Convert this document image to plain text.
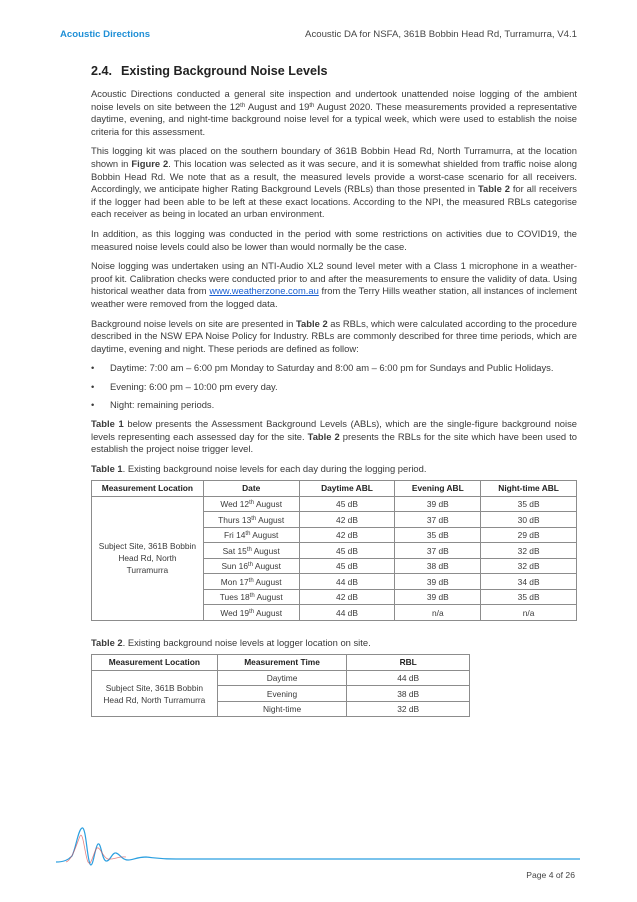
Acoustic Directions	Acoustic DA for NSFA, 361B Bobbin Head Rd, Turramurra, V4.1
2.4. Existing Background Noise Levels

Acoustic Directions conducted a general site inspection and undertook unattended noise logging of the ambient noise levels on site between the 12th August and 19th August 2020. These measurements provided a representative daytime, evening, and night-time background noise level for a typical week, which were used to establish the noise criteria for this assessment.

This logging kit was placed on the southern boundary of 361B Bobbin Head Rd, North Turramurra, at the location shown in Figure 2. This location was selected as it was secure, and it is somewhat shielded from traffic noise along Bobbin Head Rd. We note that as a result, the measured levels provide a worst-case scenario for all receivers. Accordingly, we anticipate higher Rating Background Levels (RBLs) than those presented in Table 2 for all receivers if the logger had been able to be left at these exact locations. According to the NPI, the measured RBLs categorise each receiver as being in located an urban environment.

In addition, as this logging was conducted in the period with some restrictions on activities due to COVID19, the measured noise levels could also be lower than would normally be the case.

Noise logging was undertaken using an NTI-Audio XL2 sound level meter with a Class 1 microphone in a weather-proof kit. Calibration checks were conducted prior to and after the measurements to ensure the validity of data. Using historical weather data from www.weatherzone.com.au from the Terry Hills weather station, all instances of inclement weather were removed from the logged data.

Background noise levels on site are presented in Table 2 as RBLs, which were calculated according to the procedure described in the NSW EPA Noise Policy for Industry. RBLs are commonly described for three time periods, which are daytime, evening and night. These periods are defined as follow:

• Daytime: 7:00 am – 6:00 pm Monday to Saturday and 8:00 am – 6:00 pm for Sundays and Public Holidays.
• Evening: 6:00 pm – 10:00 pm every day.
• Night: remaining periods.

Table 1 below presents the Assessment Background Levels (ABLs), which are the single-figure background noise levels representing each assessed day for the site. Table 2 presents the RBLs for the site which have been used to establish the project noise trigger level.

Table 1. Existing background noise levels for each day during the logging period.
Measurement Location	Date	Daytime ABL	Evening ABL	Night-time ABL
Subject Site, 361B Bobbin Head Rd, North Turramurra	Wed 12th August	45 dB	39 dB	35 dB
	Thurs 13th August	42 dB	37 dB	30 dB
	Fri 14th August	42 dB	35 dB	29 dB
	Sat 15th August	45 dB	37 dB	32 dB
	Sun 16th August	45 dB	38 dB	32 dB
	Mon 17th August	44 dB	39 dB	34 dB
	Tues 18th August	42 dB	39 dB	35 dB
	Wed 19th August	44 dB	n/a	n/a
Table 2. Existing background noise levels at logger location on site.
Measurement Location	Measurement Time	RBL
Subject Site, 361B Bobbin Head Rd, North Turramurra	Daytime	44 dB
	Evening	38 dB
	Night-time	32 dB
Page 4 of 26
